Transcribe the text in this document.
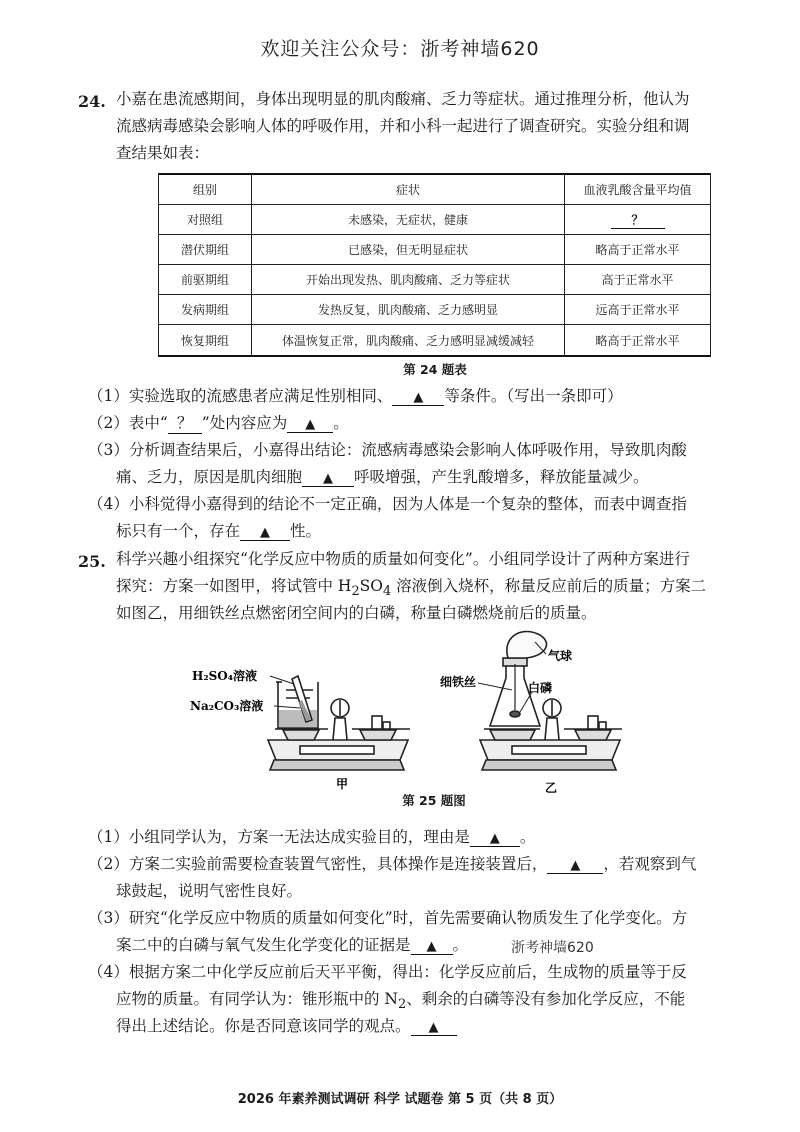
欢迎关注公众号：浙考神墙620
24. 小嘉在患流感期间，身体出现明显的肌肉酸痛、乏力等症状。通过推理分析，他认为
流感病毒感染会影响人体的呼吸作用，并和小科一起进行了调查研究。实验分组和调
查结果如表：
组别	症状	血液乳酸含量平均值
对照组	未感染，无症状，健康	？
潜伏期组	已感染，但无明显症状	略高于正常水平
前驱期组	开始出现发热、肌肉酸痛、乏力等症状	高于正常水平
发病期组	发热反复，肌肉酸痛、乏力感明显	远高于正常水平
恢复期组	体温恢复正常，肌肉酸痛、乏力感明显减缓减轻	略高于正常水平
第 24 题表
（1）实验选取的流感患者应满足性别相同、 ▲ 等条件。（写出一条即可）
（2）表中“ ？ ”处内容应为 ▲ 。
（3）分析调查结果后，小嘉得出结论：流感病毒感染会影响人体呼吸作用，导致肌肉酸
痛、乏力，原因是肌肉细胞 ▲ 呼吸增强，产生乳酸增多，释放能量减少。
（4）小科觉得小嘉得到的结论不一定正确，因为人体是一个复杂的整体，而表中调查指
标只有一个，存在 ▲ 性。
25. 科学兴趣小组探究“化学反应中物质的质量如何变化”。小组同学设计了两种方案进行
探究：方案一如图甲，将试管中 $H_2SO_4$ 溶液倒入烧杯，称量反应前后的质量；方案二
如图乙，用细铁丝点燃密闭空间内的白磷，称量白磷燃烧前后的质量。
H₂SO₄溶液
Na₂CO₃溶液
细铁丝
气球
白磷
甲	乙
第 25 题图
（1）小组同学认为，方案一无法达成实验目的，理由是 ▲ 。
（2）方案二实验前需要检查装置气密性，具体操作是连接装置后， ▲ ，若观察到气
球鼓起，说明气密性良好。
（3）研究“化学反应中物质的质量如何变化”时，首先需要确认物质发生了化学变化。方
案二中的白磷与氧气发生化学变化的证据是 ▲ 。	浙考神墙620
（4）根据方案二中化学反应前后天平平衡，得出：化学反应前后，生成物的质量等于反
应物的质量。有同学认为：锥形瓶中的 $N_2$、剩余的白磷等没有参加化学反应，不能
得出上述结论。你是否同意该同学的观点。 ▲
2026 年素养测试调研 科学 试题卷 第 5 页（共 8 页）
